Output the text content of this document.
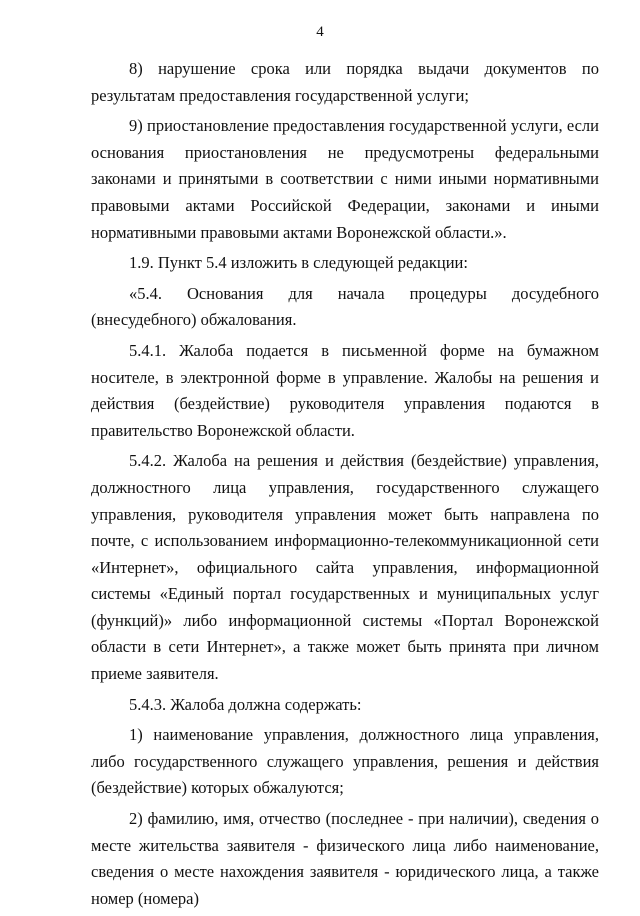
4

8) нарушение срока или порядка выдачи документов по результатам предоставления государственной услуги;

9) приостановление предоставления государственной услуги, если основания приостановления не предусмотрены федеральными законами и принятыми в соответствии с ними иными нормативными правовыми актами Российской Федерации, законами и иными нормативными правовыми актами Воронежской области.».

1.9. Пункт 5.4 изложить в следующей редакции:

«5.4. Основания для начала процедуры досудебного (внесудебного) обжалования.

5.4.1. Жалоба подается в письменной форме на бумажном носителе, в электронной форме в управление. Жалобы на решения и действия (бездействие) руководителя управления подаются в правительство Воронежской области.

5.4.2. Жалоба на решения и действия (бездействие) управления, должностного лица управления, государственного служащего управления, руководителя управления может быть направлена по почте, с использованием информационно-телекоммуникационной сети «Интернет», официального сайта управления, информационной системы «Единый портал государственных и муниципальных услуг (функций)» либо информационной системы «Портал Воронежской области в сети Интернет», а также может быть принята при личном приеме заявителя.

5.4.3. Жалоба должна содержать:

1) наименование управления, должностного лица управления, либо государственного служащего управления, решения и действия (бездействие) которых обжалуются;

2) фамилию, имя, отчество (последнее - при наличии), сведения о месте жительства заявителя - физического лица либо наименование, сведения о месте нахождения заявителя - юридического лица, а также номер (номера)
